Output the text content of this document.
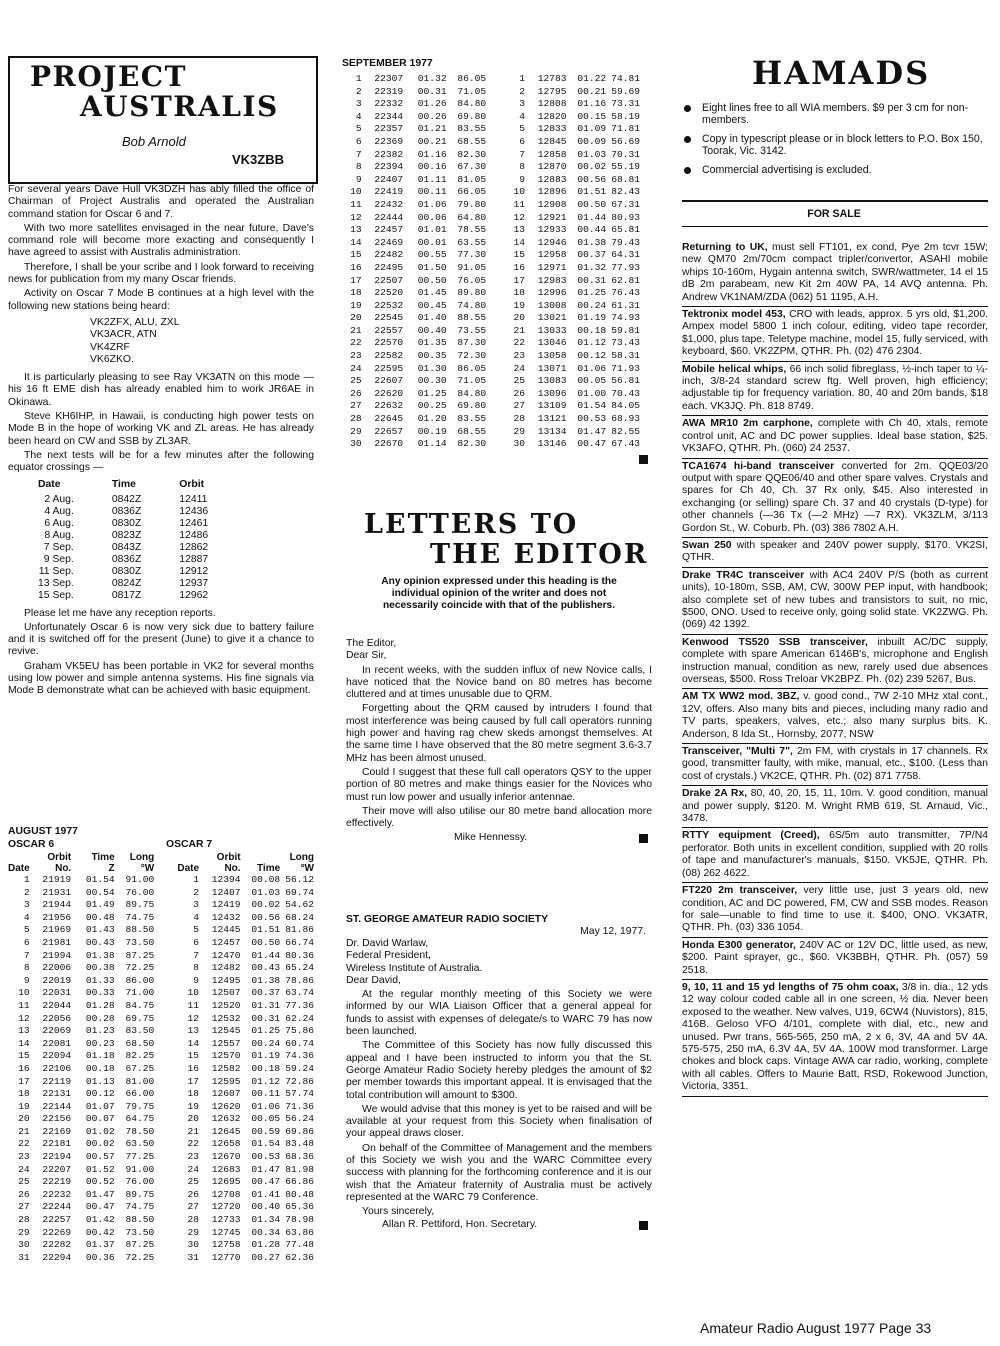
PROJECT
AUSTRALIS
Bob Arnold
VK3ZBB

For several years Dave Hull VK3DZH has ably filled the office of Chairman of Project Australis and operated the Australian command station for Oscar 6 and 7.

With two more satellites envisaged in the near future, Dave's command role will become more exacting and consequently I have agreed to assist with Australis administration.

Therefore, I shall be your scribe and I look forward to receiving news for publication from my many Oscar friends.

Activity on Oscar 7 Mode B continues at a high level with the following new stations being heard:

VK2ZFX, ALU, ZXL
VK3ACR, ATN
VK4ZRF
VK6ZKO.

It is particularly pleasing to see Ray VK3ATN on this mode — his 16 ft EME dish has already enabled him to work JR6AE in Okinawa.

Steve KH6IHP, in Hawaii, is conducting high power tests on Mode B in the hope of working VK and ZL areas. He has already been heard on CW and SSB by ZL3AR.

The next tests will be for a few minutes after the following equator crossings —

Date	Time	Orbit
2 Aug.	0842Z	12411
4 Aug.	0836Z	12436
6 Aug.	0830Z	12461
8 Aug.	0823Z	12486
7 Sep.	0843Z	12862
9 Sep.	0836Z	12887
11 Sep.	0830Z	12912
13 Sep.	0824Z	12937
15 Sep.	0817Z	12962

Please let me have any reception reports.

Unfortunately Oscar 6 is now very sick due to battery failure and it is switched off for the present (June) to give it a chance to revive.

Graham VK5EU has been portable in VK2 for several months using low power and simple antenna systems. His fine signals via Mode B demonstrate what can be achieved with basic equipment.

AUGUST 1977
OSCAR 6	OSCAR 7
	Orbit	Time	Long			Orbit		Long
Date	No.	Z	°W		Date	No.	Time	°W
1	21919	01.54	91.00		1	12394	00.08	56.12
2	21931	00.54	76.00		2	12407	01.03	69.74
3	21944	01.49	89.75		3	12419	00.02	54.62
4	21956	00.48	74.75		4	12432	00.56	68.24
5	21969	01.43	88.50		5	12445	01.51	81.86
6	21981	00.43	73.50		6	12457	00.50	66.74
7	21994	01.38	87.25		7	12470	01.44	80.36
8	22006	00.38	72.25		8	12482	00.43	65.24
9	22019	01.33	86.00		9	12495	01.38	78.86
10	22031	00.33	71.00		10	12507	00.37	63.74
11	22044	01.28	84.75		11	12520	01.31	77.36
12	22056	00.28	69.75		12	12532	00.31	62.24
13	22069	01.23	83.50		13	12545	01.25	75.86
14	22081	00.23	68.50		14	12557	00.24	60.74
15	22094	01.18	82.25		15	12570	01.19	74.36
16	22106	00.18	67.25		16	12582	00.18	59.24
17	22119	01.13	81.00		17	12595	01.12	72.86
18	22131	00.12	66.00		18	12607	00.11	57.74
19	22144	01.07	79.75		19	12620	01.06	71.36
20	22156	00.07	64.75		20	12632	00.05	56.24
21	22169	01.02	78.50		21	12645	00.59	69.86
22	22181	00.02	63.50		22	12658	01.54	83.48
23	22194	00.57	77.25		23	12670	00.53	68.36
24	22207	01.52	91.00		24	12683	01.47	81.98
25	22219	00.52	76.00		25	12695	00.47	66.86
26	22232	01.47	89.75		26	12708	01.41	80.48
27	22244	00.47	74.75		27	12720	00.40	65.36
28	22257	01.42	88.50		28	12733	01.34	78.98
29	22269	00.42	73.50		29	12745	00.34	63.86
30	22282	01.37	87.25		30	12758	01.28	77.48
31	22294	00.36	72.25		31	12770	00.27	62.36
SEPTEMBER 1977
1	22307	01.32	86.05		1	12783	01.22	74.81
2	22319	00.31	71.05		2	12795	00.21	59.69
3	22332	01.26	84.80		3	12808	01.16	73.31
4	22344	00.26	69.80		4	12820	00.15	58.19
5	22357	01.21	83.55		5	12833	01.09	71.81
6	22369	00.21	68.55		6	12845	00.09	56.69
7	22382	01.16	82.30		7	12858	01.03	70.31
8	22394	00.16	67.30		8	12870	00.02	55.19
9	22407	01.11	81.05		9	12883	00.56	68.81
10	22419	00.11	66.05		10	12896	01.51	82.43
11	22432	01.06	79.80		11	12908	00.50	67.31
12	22444	00.06	64.80		12	12921	01.44	80.93
13	22457	01.01	78.55		13	12933	00.44	65.81
14	22469	00.01	63.55		14	12946	01.38	79.43
15	22482	00.55	77.30		15	12958	00.37	64.31
16	22495	01.50	91.05		16	12971	01.32	77.93
17	22507	00.50	76.05		17	12983	00.31	62.81
18	22520	01.45	89.80		18	12996	01.25	76.43
19	22532	00.45	74.80		19	13008	00.24	61.31
20	22545	01.40	88.55		20	13021	01.19	74.93
21	22557	00.40	73.55		21	13033	00.18	59.81
22	22570	01.35	87.30		22	13046	01.12	73.43
23	22582	00.35	72.30		23	13058	00.12	58.31
24	22595	01.30	86.05		24	13071	01.06	71.93
25	22607	00.30	71.05		25	13083	00.05	56.81
26	22620	01.25	84.80		26	13096	01.00	70.43
27	22632	00.25	69.80		27	13109	01.54	84.05
28	22645	01.20	83.55		28	13121	00.53	68.93
29	22657	00.19	68.55		29	13134	01.47	82.55
30	22670	01.14	82.30		30	13146	00.47	67.43
LETTERS TO
THE EDITOR
Any opinion expressed under this heading is the individual opinion of the writer and does not necessarily coincide with that of the publishers.

The Editor,

Dear Sir,

In recent weeks, with the sudden influx of new Novice calls, I have noticed that the Novice band on 80 metres has become cluttered and at times unusable due to QRM.

Forgetting about the QRM caused by intruders I found that most interference was being caused by full call operators running high power and having rag chew skeds amongst themselves. At the same time I have observed that the 80 metre segment 3.6-3.7 MHz has been almost unused.

Could I suggest that these full call operators QSY to the upper portion of 80 metres and make things easier for the Novices who must run low power and usually inferior antennae.

Their move will also utilise our 80 metre band allocation more effectively.

Mike Hennessy.
ST. GEORGE AMATEUR RADIO SOCIETY
May 12, 1977.
Dr. David Warlaw,
Federal President,
Wireless Institute of Australia.
Dear David,

At the regular monthly meeting of this Society we were informed by our WIA Liaison Officer that a general appeal for funds to assist with expenses of delegate/s to WARC 79 has now been launched.

The Committee of this Society has now fully discussed this appeal and I have been instructed to inform you that the St. George Amateur Radio Society hereby pledges the amount of $2 per member towards this important appeal. It is envisaged that the total contribution will amount to $300.

We would advise that this money is yet to be raised and will be available at your request from this Society when finalisation of your appeal draws closer.

On behalf of the Committee of Management and the members of this Society we wish you and the WARC Committee every success with planning for the forthcoming conference and it is our wish that the Amateur fraternity of Australia must be actively represented at the WARC 79 Conference.

Yours sincerely,
Allan R. Pettiford, Hon. Secretary.
HAMADS
Eight lines free to all WIA members. $9 per 3 cm for non-members.
Copy in typescript please or in block letters to P.O. Box 150, Toorak, Vic. 3142.
Commercial advertising is excluded.
FOR SALE

Returning to UK, must sell FT101, ex cond, Pye 2m tcvr 15W; new QM70 2m/70cm compact tripler/convertor, ASAHI mobile whips 10-160m, Hygain antenna switch, SWR/wattmeter, 14 el 15 dB 2m parabeam, new Kit 2m 40W PA, 14 AVQ antenna. Ph. Andrew VK1NAM/ZDA (062) 51 1195, A.H.

Tektronix model 453, CRO with leads, approx. 5 yrs old, $1,200. Ampex model 5800 1 inch colour, editing, video tape recorder, $1,000, plus tape. Teletype machine, model 15, fully serviced, with keyboard, $60. VK2ZPM, QTHR. Ph. (02) 476 2304.

Mobile helical whips, 66 inch solid fibreglass, ½-inch taper to ¼-inch, 3/8-24 standard screw ftg. Well proven, high efficiency; adjustable tip for frequency variation. 80, 40 and 20m bands, $18 each. VK3JQ. Ph. 818 8749.

AWA MR10 2m carphone, complete with Ch 40, xtals, remote control unit, AC and DC power supplies. Ideal base station, $25. VK3AFO, QTHR. Ph. (060) 24 2537.

TCA1674 hi-band transceiver converted for 2m. QQE03/20 output with spare QQE06/40 and other spare valves. Crystals and spares for Ch 40, Ch. 37 Rx only, $45. Also interested in exchanging (or selling) spare Ch. 37 and 40 crystals (D-type) for other channels (—36 Tx (—2 MHz) —7 RX). VK3ZLM, 3/113 Gordon St., W. Coburb. Ph. (03) 386 7802 A.H.

Swan 250 with speaker and 240V power supply, $170. VK2SI, QTHR.

Drake TR4C transceiver with AC4 240V P/S (both as current units), 10-180m, SSB, AM, CW, 300W PEP input, with handbook; also complete set of new tubes and transistors to suit, no mic, $500, ONO. Used to receive only, going solid state. VK2ZWG. Ph. (069) 42 1392.

Kenwood TS520 SSB transceiver, inbuilt AC/DC supply, complete with spare American 6146B's, microphone and English instruction manual, condition as new, rarely used due absences overseas, $500. Ross Treloar VK2BPZ. Ph. (02) 239 5267, Bus.

AM TX WW2 mod. 3BZ, v. good cond., 7W 2-10 MHz xtal cont., 12V, offers. Also many bits and pieces, including many radio and TV parts, speakers, valves, etc.; also many surplus bits. K. Anderson, 8 Ida St., Hornsby, 2077, NSW

Transceiver, "Multi 7", 2m FM, with crystals in 17 channels. Rx good, transmitter faulty, with mike, manual, etc., $100. (Less than cost of crystals.) VK2CE, QTHR. Ph. (02) 871 7758.

Drake 2A Rx, 80, 40, 20, 15, 11, 10m. V. good condition, manual and power supply, $120. M. Wright RMB 619, St. Arnaud, Vic., 3478.

RTTY equipment (Creed), 6S/5m auto transmitter, 7P/N4 perforator. Both units in excellent condition, supplied with 20 rolls of tape and manufacturer's manuals, $150. VK5JE, QTHR. Ph. (08) 262 4622.

FT220 2m transceiver, very little use, just 3 years old, new condition, AC and DC powered, FM, CW and SSB modes. Reason for sale—unable to find time to use it. $400, ONO. VK3ATR, QTHR. Ph. (03) 336 1054.

Honda E300 generator, 240V AC or 12V DC, little used, as new, $200. Paint sprayer, gc., $60. VK3BBH, QTHR. Ph. (057) 59 2518.

9, 10, 11 and 15 yd lengths of 75 ohm coax, 3/8 in. dia., 12 yds 12 way colour coded cable all in one screen, ½ dia. Never been exposed to the weather. New valves, U19, 6CW4 (Nuvistors), 815, 416B. Geloso VFO 4/101, complete with dial, etc., new and unused. Pwr trans, 565-565, 250 mA, 2 x 6, 3V, 4A and 5V 4A. 575-575, 250 mA, 6.3V 4A, 5V 4A. 100W mod transformer. Large chokes and block caps. Vintage AWA car radio, working, complete with all cables. Offers to Maurie Batt, RSD, Rokewood Junction, Victoria, 3351.

Amateur Radio August 1977 Page 33
